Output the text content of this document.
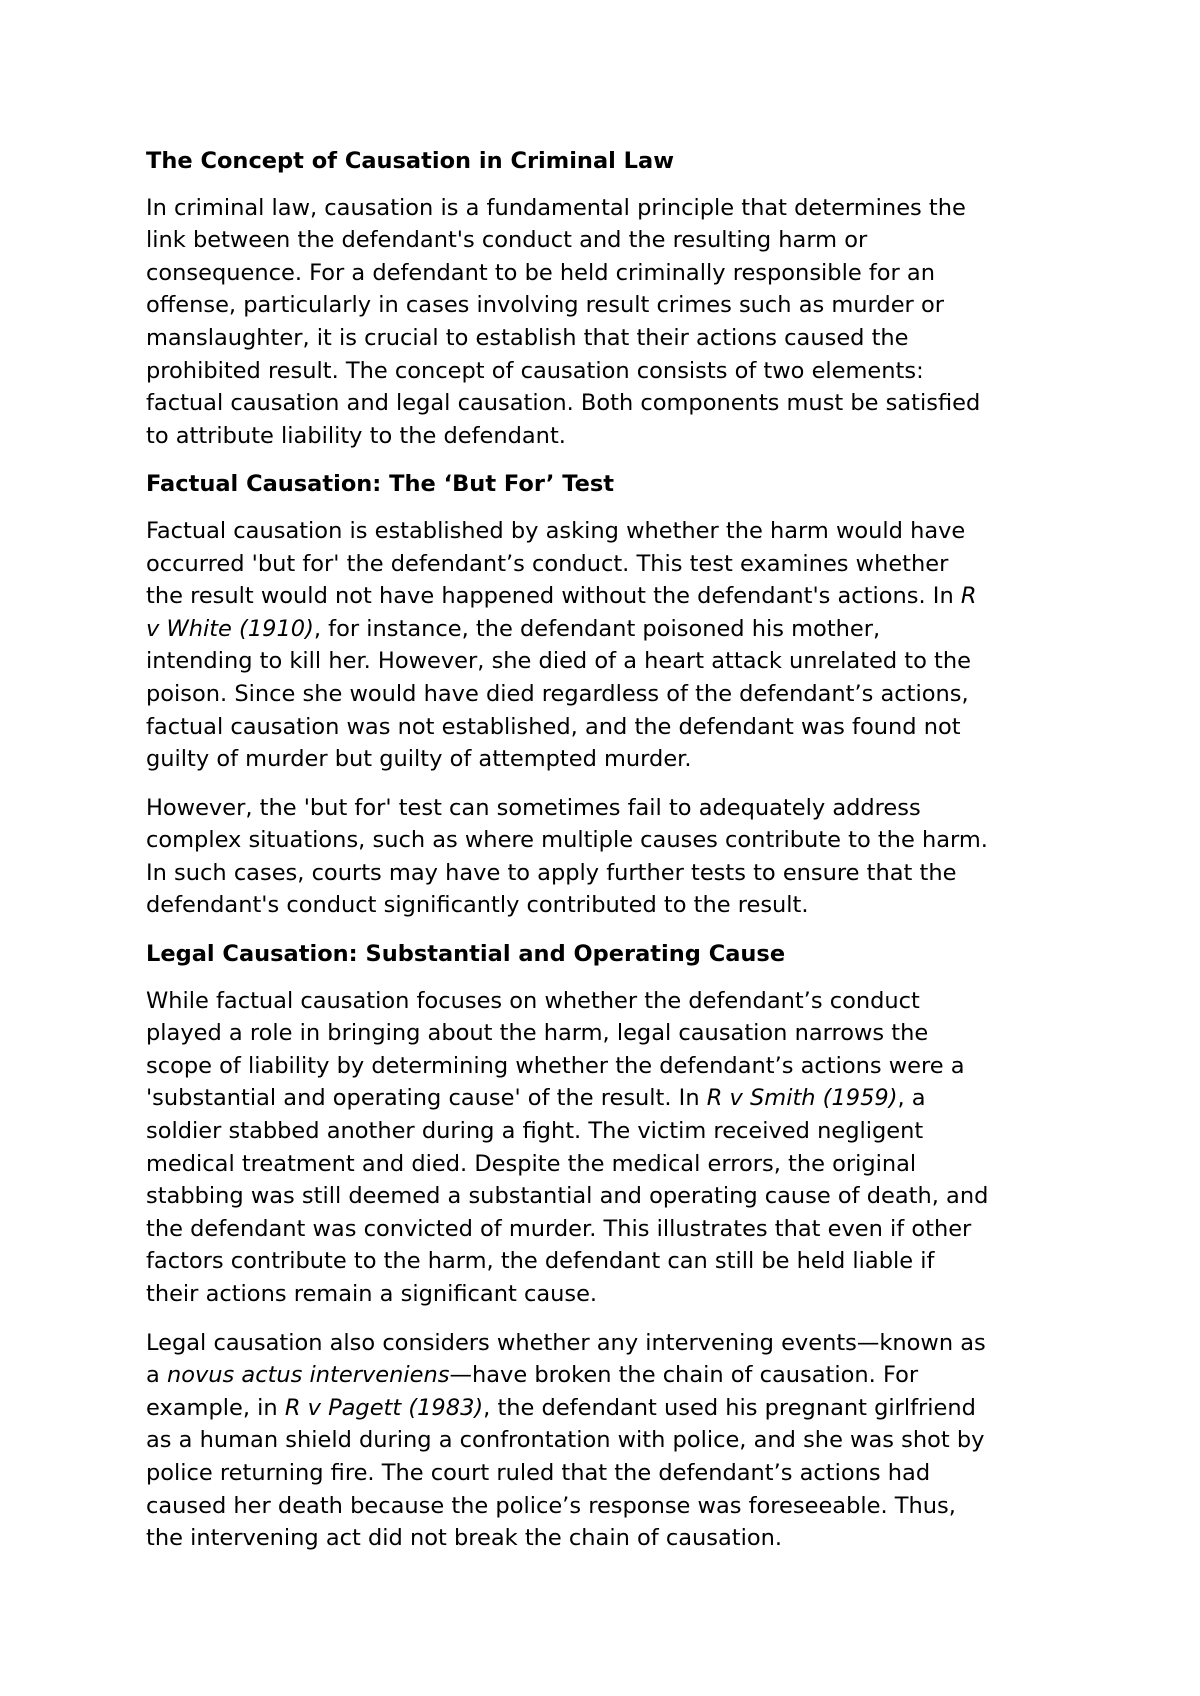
The Concept of Causation in Criminal Law

In criminal law, causation is a fundamental principle that determines the
link between the defendant's conduct and the resulting harm or
consequence. For a defendant to be held criminally responsible for an
offense, particularly in cases involving result crimes such as murder or
manslaughter, it is crucial to establish that their actions caused the
prohibited result. The concept of causation consists of two elements:
factual causation and legal causation. Both components must be satisfied
to attribute liability to the defendant.

Factual Causation: The ‘But For’ Test

Factual causation is established by asking whether the harm would have
occurred 'but for' the defendant’s conduct. This test examines whether
the result would not have happened without the defendant's actions. In R
v White (1910), for instance, the defendant poisoned his mother,
intending to kill her. However, she died of a heart attack unrelated to the
poison. Since she would have died regardless of the defendant’s actions,
factual causation was not established, and the defendant was found not
guilty of murder but guilty of attempted murder.

However, the 'but for' test can sometimes fail to adequately address
complex situations, such as where multiple causes contribute to the harm.
In such cases, courts may have to apply further tests to ensure that the
defendant's conduct significantly contributed to the result.

Legal Causation: Substantial and Operating Cause

While factual causation focuses on whether the defendant’s conduct
played a role in bringing about the harm, legal causation narrows the
scope of liability by determining whether the defendant’s actions were a
'substantial and operating cause' of the result. In R v Smith (1959), a
soldier stabbed another during a fight. The victim received negligent
medical treatment and died. Despite the medical errors, the original
stabbing was still deemed a substantial and operating cause of death, and
the defendant was convicted of murder. This illustrates that even if other
factors contribute to the harm, the defendant can still be held liable if
their actions remain a significant cause.

Legal causation also considers whether any intervening events—known as
a novus actus interveniens—have broken the chain of causation. For
example, in R v Pagett (1983), the defendant used his pregnant girlfriend
as a human shield during a confrontation with police, and she was shot by
police returning fire. The court ruled that the defendant’s actions had
caused her death because the police’s response was foreseeable. Thus,
the intervening act did not break the chain of causation.
